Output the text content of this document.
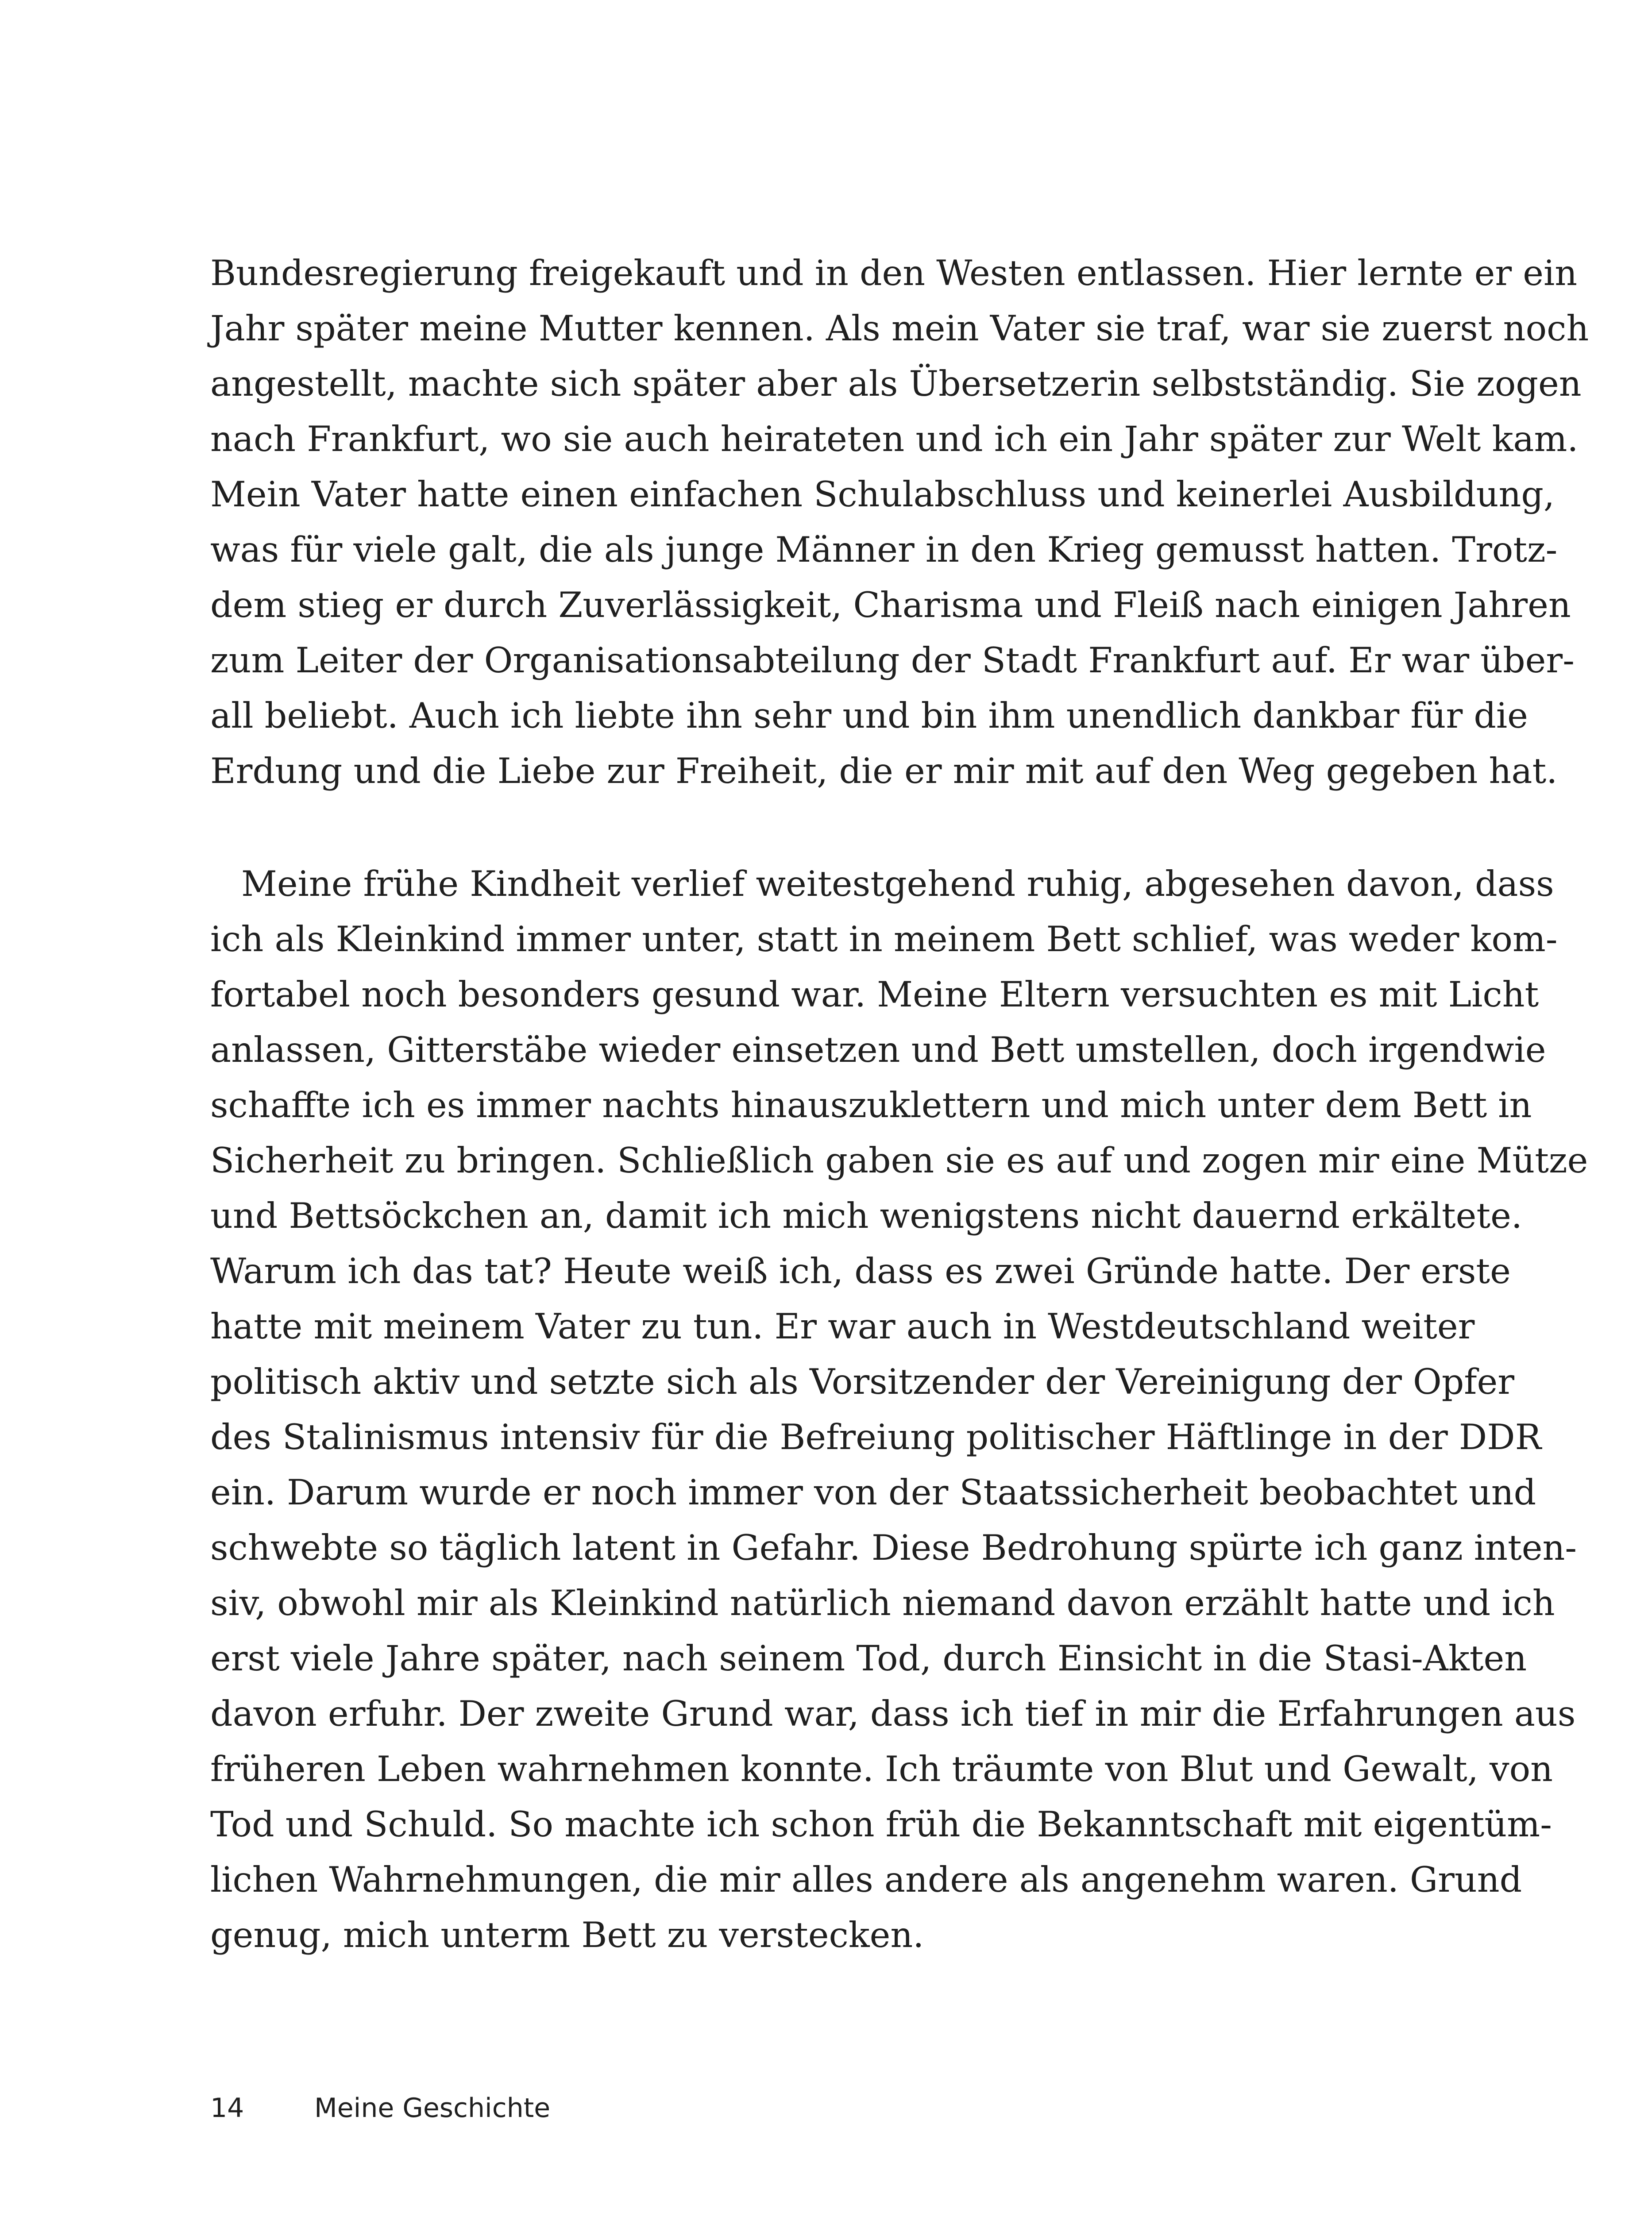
Bundesregierung freigekauft und in den Westen entlassen. Hier lernte er ein
Jahr später meine Mutter kennen. Als mein Vater sie traf, war sie zuerst noch
angestellt, machte sich später aber als Übersetzerin selbstständig. Sie zogen
nach Frankfurt, wo sie auch heirateten und ich ein Jahr später zur Welt kam.
Mein Vater hatte einen einfachen Schulabschluss und keinerlei Ausbildung,
was für viele galt, die als junge Männer in den Krieg gemusst hatten. Trotz-
dem stieg er durch Zuverlässigkeit, Charisma und Fleiß nach einigen Jahren
zum Leiter der Organisationsabteilung der Stadt Frankfurt auf. Er war über-
all beliebt. Auch ich liebte ihn sehr und bin ihm unendlich dankbar für die
Erdung und die Liebe zur Freiheit, die er mir mit auf den Weg gegeben hat.
Meine frühe Kindheit verlief weitestgehend ruhig, abgesehen davon, dass
ich als Kleinkind immer unter, statt in meinem Bett schlief, was weder kom-
fortabel noch besonders gesund war. Meine Eltern versuchten es mit Licht
anlassen, Gitterstäbe wieder einsetzen und Bett umstellen, doch irgendwie
schaffte ich es immer nachts hinauszuklettern und mich unter dem Bett in
Sicherheit zu bringen. Schließlich gaben sie es auf und zogen mir eine Mütze
und Bettsöckchen an, damit ich mich wenigstens nicht dauernd erkältete.
Warum ich das tat? Heute weiß ich, dass es zwei Gründe hatte. Der erste
hatte mit meinem Vater zu tun. Er war auch in Westdeutschland weiter
politisch aktiv und setzte sich als Vorsitzender der Vereinigung der Opfer
des Stalinismus intensiv für die Befreiung politischer Häftlinge in der DDR
ein. Darum wurde er noch immer von der Staatssicherheit beobachtet und
schwebte so täglich latent in Gefahr. Diese Bedrohung spürte ich ganz inten-
siv, obwohl mir als Kleinkind natürlich niemand davon erzählt hatte und ich
erst viele Jahre später, nach seinem Tod, durch Einsicht in die Stasi-Akten
davon erfuhr. Der zweite Grund war, dass ich tief in mir die Erfahrungen aus
früheren Leben wahrnehmen konnte. Ich träumte von Blut und Gewalt, von
Tod und Schuld. So machte ich schon früh die Bekanntschaft mit eigentüm-
lichen Wahrnehmungen, die mir alles andere als angenehm waren. Grund
genug, mich unterm Bett zu verstecken.
14	Meine Geschichte
